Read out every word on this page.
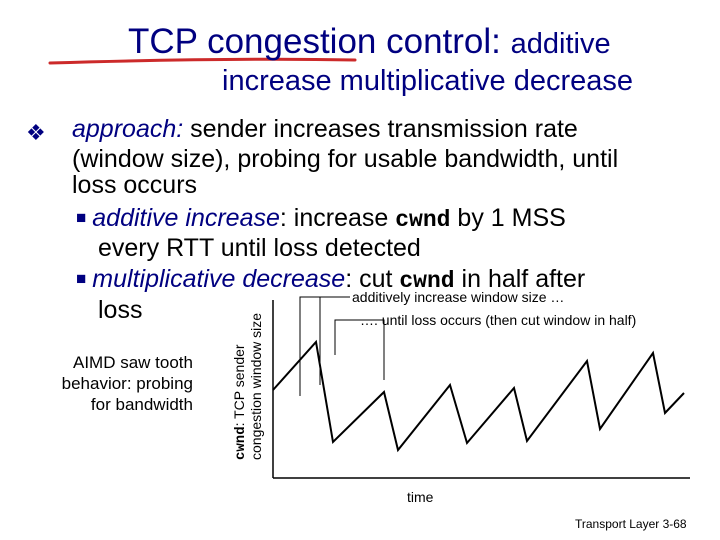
TCP congestion control: additive
increase multiplicative decrease
❖ approach: sender increases transmission rate
(window size), probing for usable bandwidth, until
loss occurs
■ additive increase: increase cwnd by 1 MSS
every RTT until loss detected
■ multiplicative decrease: cut cwnd in half after
loss
AIMD saw tooth
behavior: probing
for bandwidth
cwnd: TCP sender congestion window size
additively increase window size …
…. until loss occurs (then cut window in half)
time
Transport Layer 3-68
